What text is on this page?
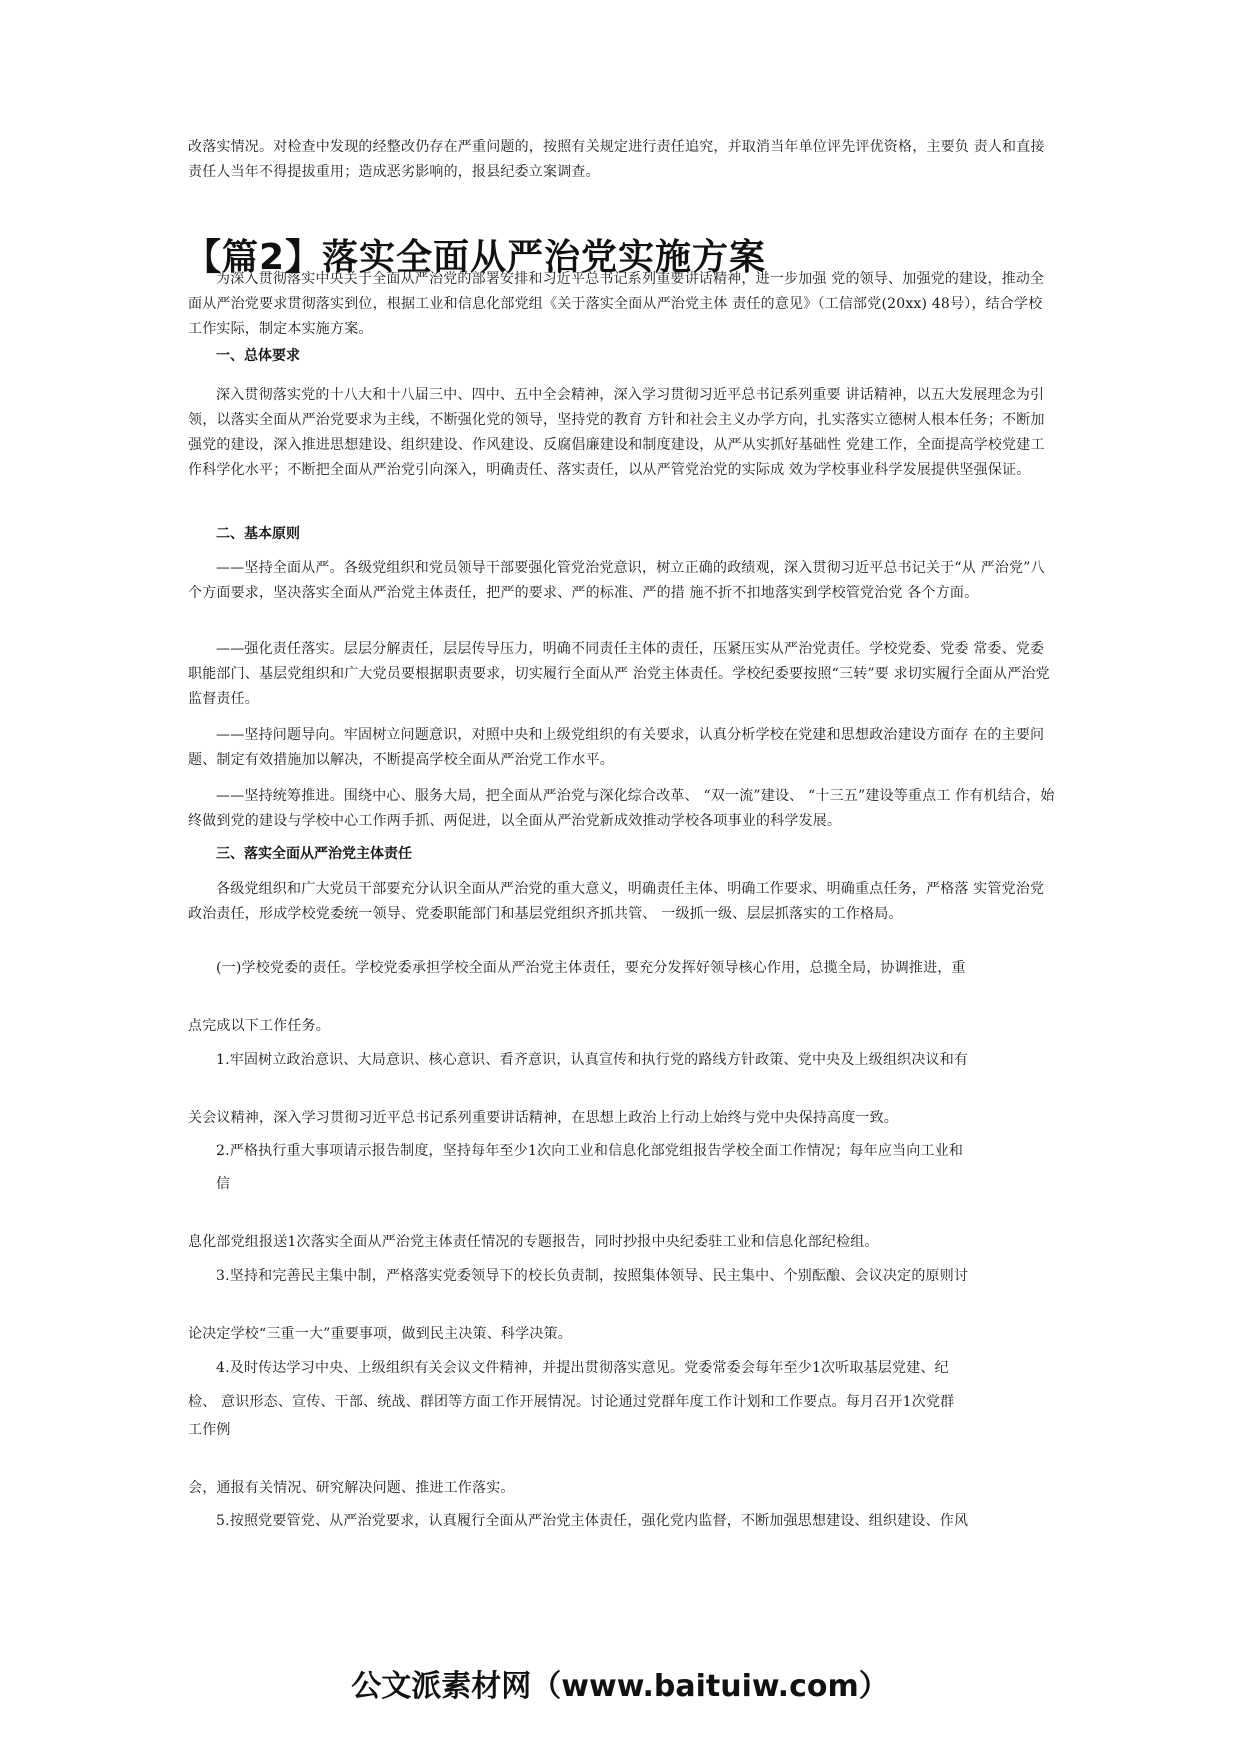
改落实情况。对检查中发现的经整改仍存在严重问题的，按照有关规定进行责任追究，并取消当年单位评先评优资格，主要负 责人和直接责任人当年不得提拔重用；造成恶劣影响的，报县纪委立案调查。

【篇2】落实全面从严治党实施方案

为深入贯彻落实中央关于全面从严治党的部署安排和习近平总书记系列重要讲话精神，进一步加强 党的领导、加强党的建设，推动全面从严治党要求贯彻落实到位，根据工业和信息化部党组《关于落实全面从严治党主体 责任的意见》（工信部党(20xx) 48号），结合学校工作实际，制定本实施方案。

一、总体要求

深入贯彻落实党的十八大和十八届三中、四中、五中全会精神，深入学习贯彻习近平总书记系列重要 讲话精神，以五大发展理念为引领，以落实全面从严治党要求为主线，不断强化党的领导，坚持党的教育 方针和社会主义办学方向，扎实落实立德树人根本任务；不断加强党的建设，深入推进思想建设、组织建设、作风建设、反腐倡廉建设和制度建设，从严从实抓好基础性 党建工作，全面提高学校党建工作科学化水平；不断把全面从严治党引向深入，明确责任、落实责任，以从严管党治党的实际成 效为学校事业科学发展提供坚强保证。

二、基本原则

——坚持全面从严。各级党组织和党员领导干部要强化管党治党意识，树立正确的政绩观，深入贯彻习近平总书记关于“从 严治党”八个方面要求，坚决落实全面从严治党主体责任，把严的要求、严的标准、严的措 施不折不扣地落实到学校管党治党 各个方面。

——强化责任落实。层层分解责任，层层传导压力，明确不同责任主体的责任，压紧压实从严治党责任。学校党委、党委 常委、党委职能部门、基层党组织和广大党员要根据职责要求，切实履行全面从严 治党主体责任。学校纪委要按照“三转”要 求切实履行全面从严治党监督责任。

——坚持问题导向。牢固树立问题意识，对照中央和上级党组织的有关要求，认真分析学校在党建和思想政治建设方面存 在的主要问题、制定有效措施加以解决，不断提高学校全面从严治党工作水平。

——坚持统筹推进。围绕中心、服务大局，把全面从严治党与深化综合改革、 “双一流”建设、 “十三五”建设等重点工 作有机结合，始终做到党的建设与学校中心工作两手抓、两促进，以全面从严治党新成效推动学校各项事业的科学发展。

三、落实全面从严治党主体责任

各级党组织和广大党员干部要充分认识全面从严治党的重大意义，明确责任主体、明确工作要求、明确重点任务，严格落 实管党治党政治责任，形成学校党委统一领导、党委职能部门和基层党组织齐抓共管、 一级抓一级、层层抓落实的工作格局。

(一)学校党委的责任。学校党委承担学校全面从严治党主体责任，要充分发挥好领导核心作用，总揽全局，协调推进，重
点完成以下工作任务。
1.牢固树立政治意识、大局意识、核心意识、看齐意识，认真宣传和执行党的路线方针政策、党中央及上级组织决议和有
关会议精神，深入学习贯彻习近平总书记系列重要讲话精神，在思想上政治上行动上始终与党中央保持高度一致。
2.严格执行重大事项请示报告制度，坚持每年至少1次向工业和信息化部党组报告学校全面工作情况；每年应当向工业和
信
息化部党组报送1次落实全面从严治党主体责任情况的专题报告，同时抄报中央纪委驻工业和信息化部纪检组。
3.坚持和完善民主集中制，严格落实党委领导下的校长负责制，按照集体领导、民主集中、个别酝酿、会议决定的原则讨
论决定学校“三重一大”重要事项，做到民主决策、科学决策。
4.及时传达学习中央、上级组织有关会议文件精神，并提出贯彻落实意见。党委常委会每年至少1次听取基层党建、纪
检、 意识形态、宣传、干部、统战、群团等方面工作开展情况。讨论通过党群年度工作计划和工作要点。每月召开1次党群
工作例
会，通报有关情况、研究解决问题、推进工作落实。
5.按照党要管党、从严治党要求，认真履行全面从严治党主体责任，强化党内监督，不断加强思想建设、组织建设、作风
公文派素材网（www.baituiw.com）
